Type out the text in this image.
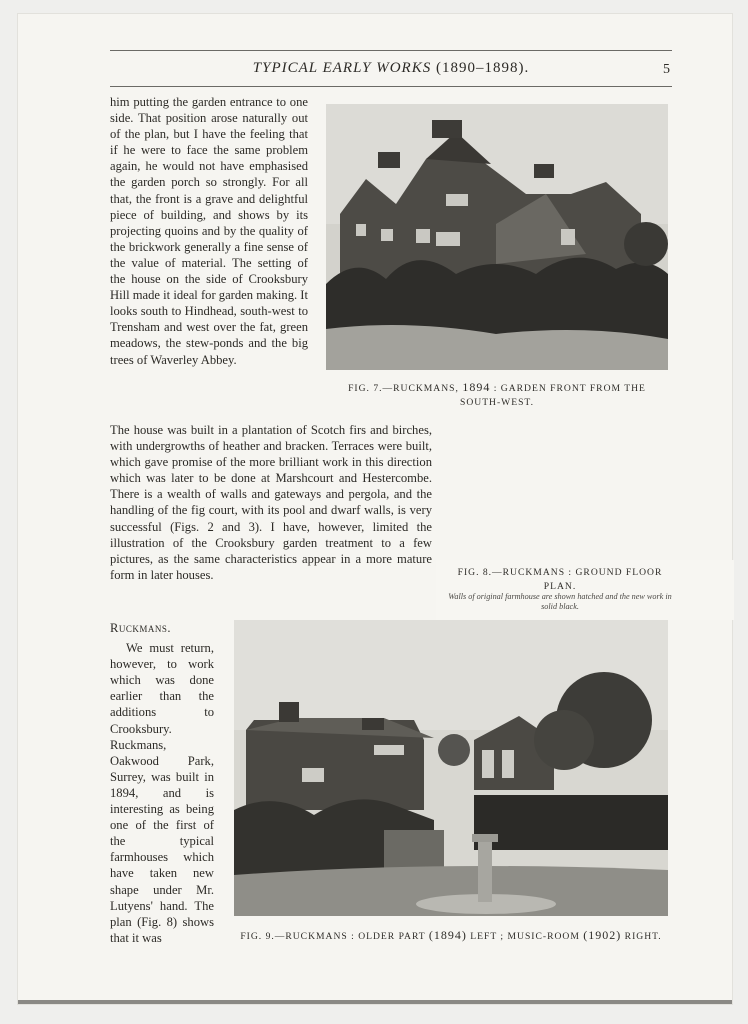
TYPICAL EARLY WORKS (1890–1898).	5

him putting the garden entrance to one side. That position arose naturally out of the plan, but I have the feeling that if he were to face the same problem again, he would not have emphasised the garden porch so strongly. For all that, the front is a grave and delightful piece of building, and shows by its projecting quoins and by the quality of the brickwork generally a fine sense of the value of material. The setting of the house on the side of Crooksbury Hill made it ideal for garden making. It looks south to Hindhead, south-west to Trensham and west over the fat, green meadows, the stew-ponds and the big trees of Waverley Abbey.

The house was built in a plantation of Scotch firs and birches, with undergrowths of heather and bracken. Terraces were built, which gave promise of the more brilliant work in this direction which was later to be done at Marshcourt and Hestercombe. There is a wealth of walls and gateways and pergola, and the handling of the fig court, with its pool and dwarf walls, is very successful (Figs. 2 and 3). I have, however, limited the illustration of the Crooksbury garden treatment to a few pictures, as the same characteristics appear in a more mature form in later houses.

Ruckmans.

We must return, however, to work which was done earlier than the additions to Crooksbury. Ruckmans, Oakwood Park, Surrey, was built in 1894, and is interesting as being one of the first of the typical farmhouses which have taken new shape under Mr. Lutyens' hand. The plan (Fig. 8) shows that it was

FIG. 7.—RUCKMANS, 1894 : GARDEN FRONT FROM THE SOUTH-WEST.
FIG. 8.—RUCKMANS : GROUND FLOOR PLAN.
Walls of original farmhouse are shown hatched and the new work in solid black.
FIG. 9.—RUCKMANS : OLDER PART (1894) LEFT ; MUSIC-ROOM (1902) RIGHT.
